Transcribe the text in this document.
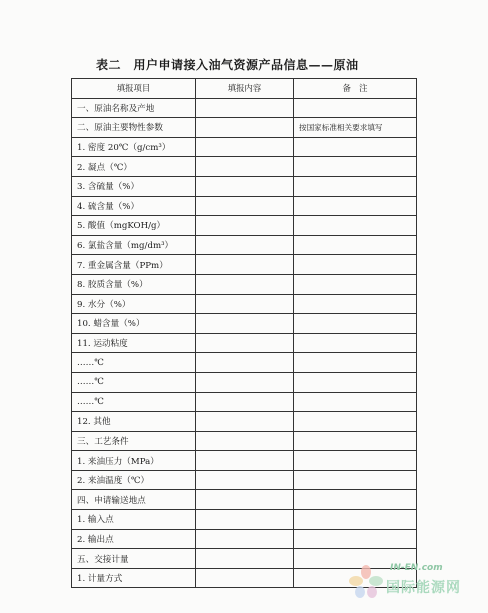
表二　用户申请接入油气资源产品信息——原油
填报项目	填报内容	备　注
一、原油名称及产地		
二、原油主要物性参数		按国家标准相关要求填写
1. 密度 20℃（g/cm³）		
2. 凝点（℃）		
3. 含硫量（%）		
4. 硫含量（%）		
5. 酸值（mgKOH/g）		
6. 氯盐含量（mg/dm³）		
7. 重金属含量（PPm）		
8. 胶质含量（%）		
9. 水分（%）		
10. 蜡含量（%）		
11. 运动粘度		
……℃		
……℃		
……℃		
12. 其他		
三、工艺条件		
1. 来油压力（MPa）		
2. 来油温度（℃）		
四、申请输送地点		
1. 输入点		
2. 输出点		
五、交接计量		
1. 计量方式		
IN-EN.com
国际能源网
